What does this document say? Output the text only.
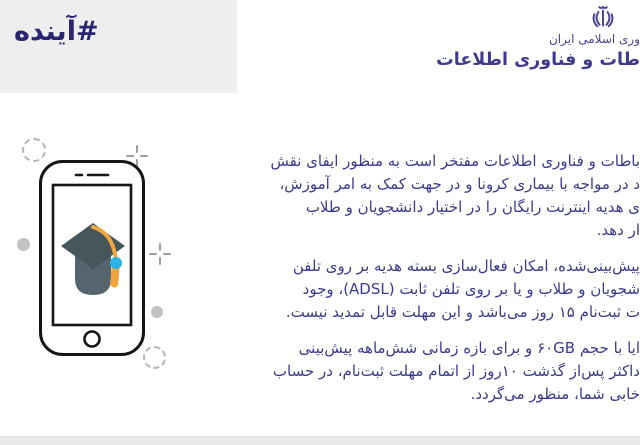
#آینده	وری اسلامی ایران
طات و فناوری اطلاعات
باطات و فناوری اطلاعات مفتخر است به منظور ایفای نقش
د در مواجه با بیماری کرونا و در جهت کمک به امر آموزش،
ی هدیه اینترنت رایگان را در اختیار دانشجویان و طلاب
ار دهد.
پیش‌بینی‌شده، امکان فعال‌سازی بسته هدیه بر روی تلفن
شجویان و طلاب و یا بر روی تلفن ثابت (ADSL)، وجود
ت ثبت‌نام ۱۵ روز می‌باشد و این مهلت قابل تمدید نیست.
ایا با حجم ۶۰GB و برای بازه زمانی شش‌ماهه پیش‌بینی
داکثر پس‌از گذشت ۱۰روز از اتمام مهلت ثبت‌نام، در حساب
خابی شما، منظور می‌گردد.
